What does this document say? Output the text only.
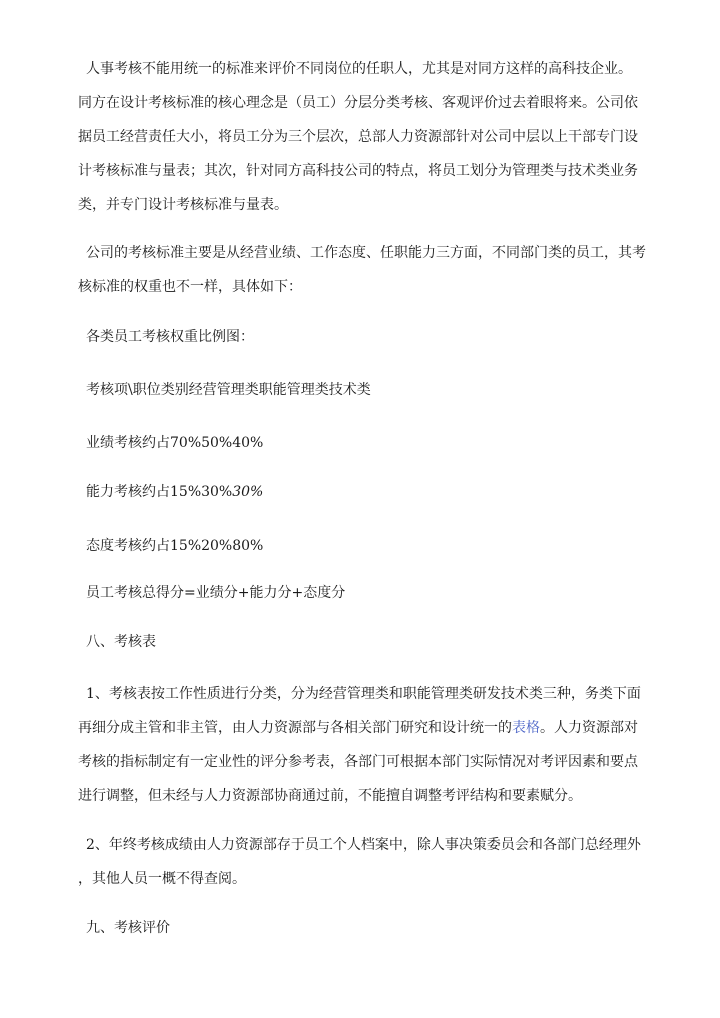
人事考核不能用统一的标准来评价不同岗位的任职人，尤其是对同方这样的高科技企业。
同方在设计考核标准的核心理念是（员工）分层分类考核、客观评价过去着眼将来。公司依
据员工经营责任大小，将员工分为三个层次，总部人力资源部针对公司中层以上干部专门设
计考核标准与量表；其次，针对同方高科技公司的特点，将员工划分为管理类与技术类业务
类，并专门设计考核标准与量表。
公司的考核标准主要是从经营业绩、工作态度、任职能力三方面，不同部门类的员工，其考
核标准的权重也不一样，具体如下：
各类员工考核权重比例图：
考核项\职位类别经营管理类职能管理类技术类
业绩考核约占70%50%40%
能力考核约占15%30%30%
态度考核约占15%20%80%
员工考核总得分=业绩分+能力分+态度分
八、考核表
1、考核表按工作性质进行分类，分为经营管理类和职能管理类研发技术类三种，务类下面
再细分成主管和非主管，由人力资源部与各相关部门研究和设计统一的表格。人力资源部对
考核的指标制定有一定业性的评分参考表，各部门可根据本部门实际情况对考评因素和要点
进行调整，但未经与人力资源部协商通过前，不能擅自调整考评结构和要素赋分。
2、年终考核成绩由人力资源部存于员工个人档案中，除人事决策委员会和各部门总经理外
，其他人员一概不得查阅。
九、考核评价
